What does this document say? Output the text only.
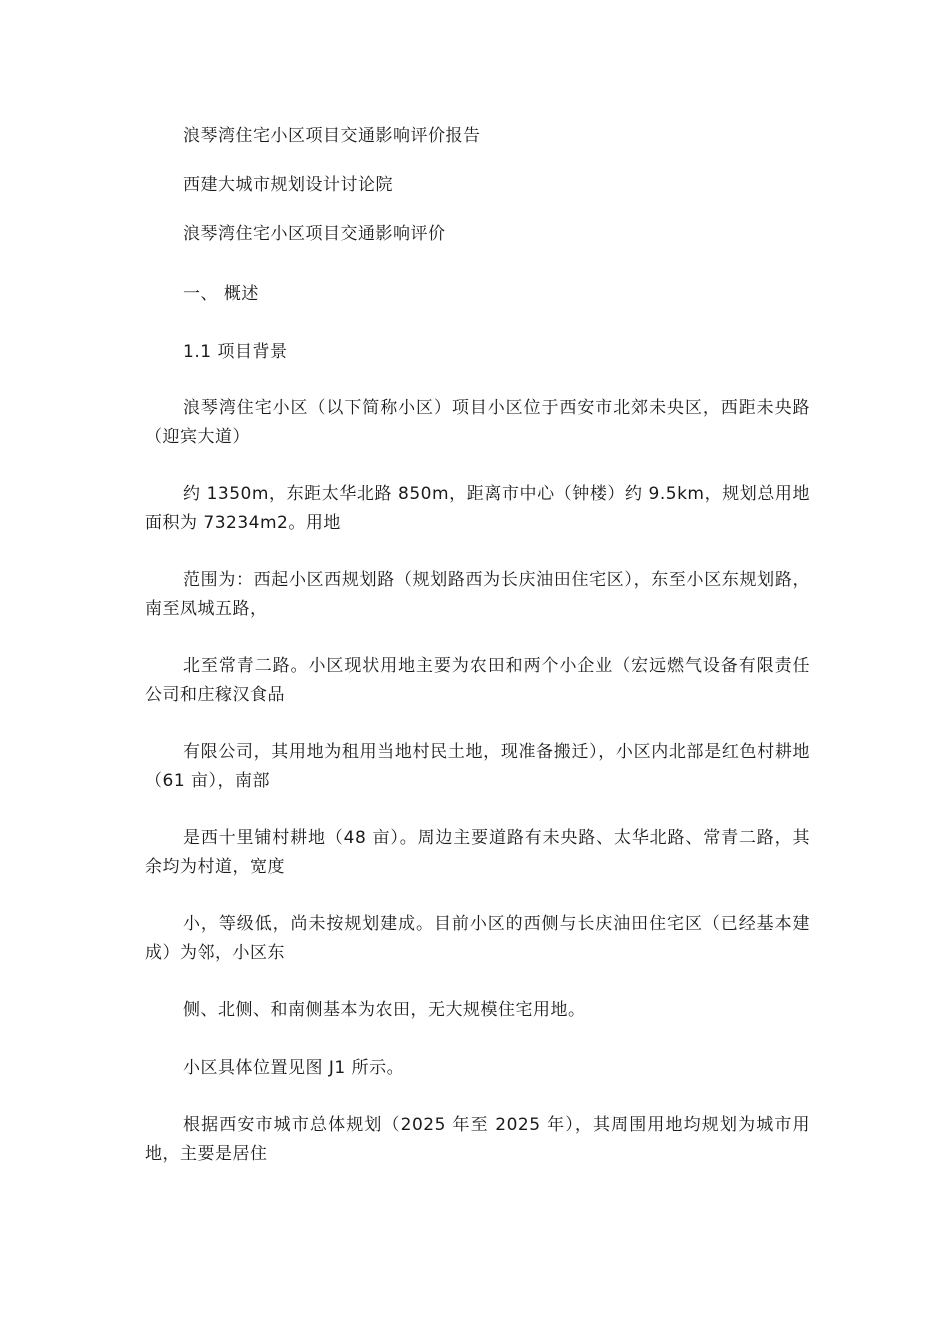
浪琴湾住宅小区项目交通影响评价报告
西建大城市规划设计讨论院
浪琴湾住宅小区项目交通影响评价
一、 概述
1.1 项目背景
浪琴湾住宅小区（以下简称小区）项目小区位于西安市北郊未央区，西距未央路（迎宾大道）
约 1350m，东距太华北路 850m，距离市中心（钟楼）约 9.5km，规划总用地面积为 73234m2。用地
范围为：西起小区西规划路（规划路西为长庆油田住宅区），东至小区东规划路，南至凤城五路，
北至常青二路。小区现状用地主要为农田和两个小企业（宏远燃气设备有限责任公司和庄稼汉食品
有限公司，其用地为租用当地村民土地，现准备搬迁），小区内北部是红色村耕地（61 亩），南部
是西十里铺村耕地（48 亩）。周边主要道路有未央路、太华北路、常青二路，其余均为村道，宽度
小，等级低，尚未按规划建成。目前小区的西侧与长庆油田住宅区（已经基本建成）为邻，小区东
侧、北侧、和南侧基本为农田，无大规模住宅用地。
小区具体位置见图 J1 所示。
根据西安市城市总体规划（2025 年至 2025 年），其周围用地均规划为城市用地，主要是居住
